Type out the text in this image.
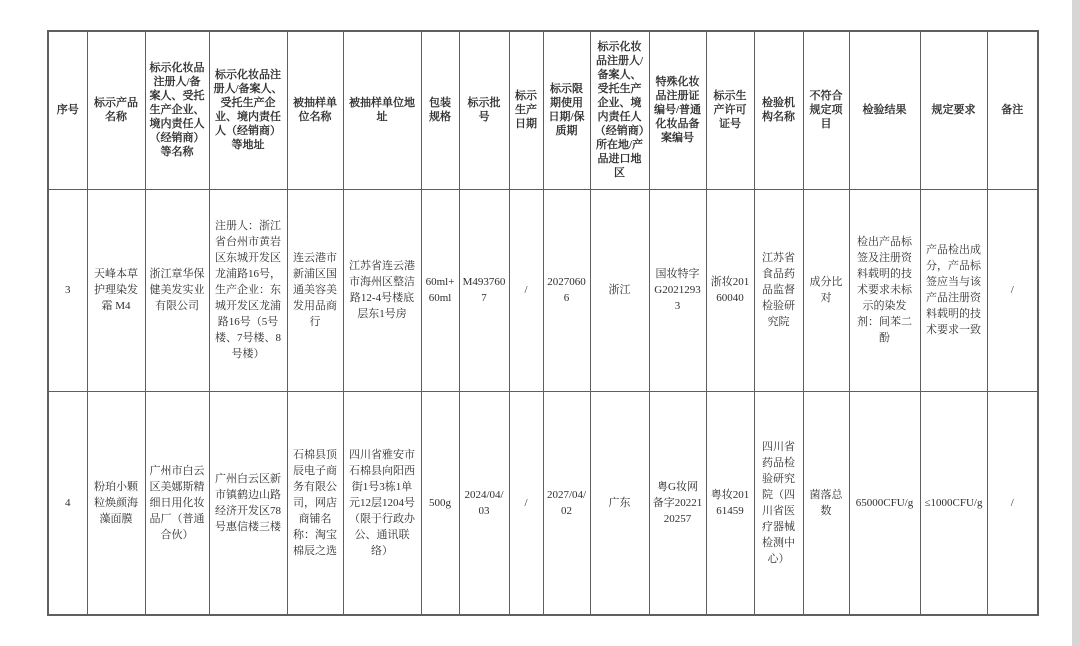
序号	标示产品名称	标示化妆品注册人/备案人、受托生产企业、境内责任人（经销商）等名称	标示化妆品注册人/备案人、受托生产企业、境内责任人（经销商）等地址	被抽样单位名称	被抽样单位地址	包装规格	标示批号	标示生产日期	标示限期使用日期/保质期	标示化妆品注册人/备案人、受托生产企业、境内责任人（经销商）所在地/产品进口地区	特殊化妆品注册证编号/普通化妆品备案编号	标示生产许可证号	检验机构名称	不符合规定项目	检验结果	规定要求	备注
3	天峰本草护理染发霜 M4	浙江章华保健美发实业有限公司	注册人：浙江省台州市黄岩区东城开发区龙浦路16号，生产企业：东城开发区龙浦路16号（5号楼、7号楼、8号楼）	连云港市新浦区国通美容美发用品商行	江苏省连云港市海州区整洁路12-4号楼底层东1号房	60ml+60ml	M4937607	/	20270606	浙江	国妆特字G20212933	浙妆20160040	江苏省食品药品监督检验研究院	成分比对	检出产品标签及注册资料载明的技术要求未标示的染发剂：间苯二酚	产品检出成分，产品标签应当与该产品注册资料载明的技术要求一致	/
4	粉珀小颗粒焕颜海藻面膜	广州市白云区美娜斯精细日用化妆品厂（普通合伙）	广州白云区新市镇鹤边山路经济开发区78号惠信楼三楼	石棉县顶辰电子商务有限公司，网店商铺名称：淘宝棉辰之选	四川省雅安市石棉县向阳西街1号3栋1单元12层1204号（限于行政办公、通讯联络）	500g	2024/04/03	/	2027/04/02	广东	粤G妆网备字2022120257	粤妆20161459	四川省药品检验研究院（四川省医疗器械检测中心）	菌落总数	65000CFU/g	≤1000CFU/g	/
